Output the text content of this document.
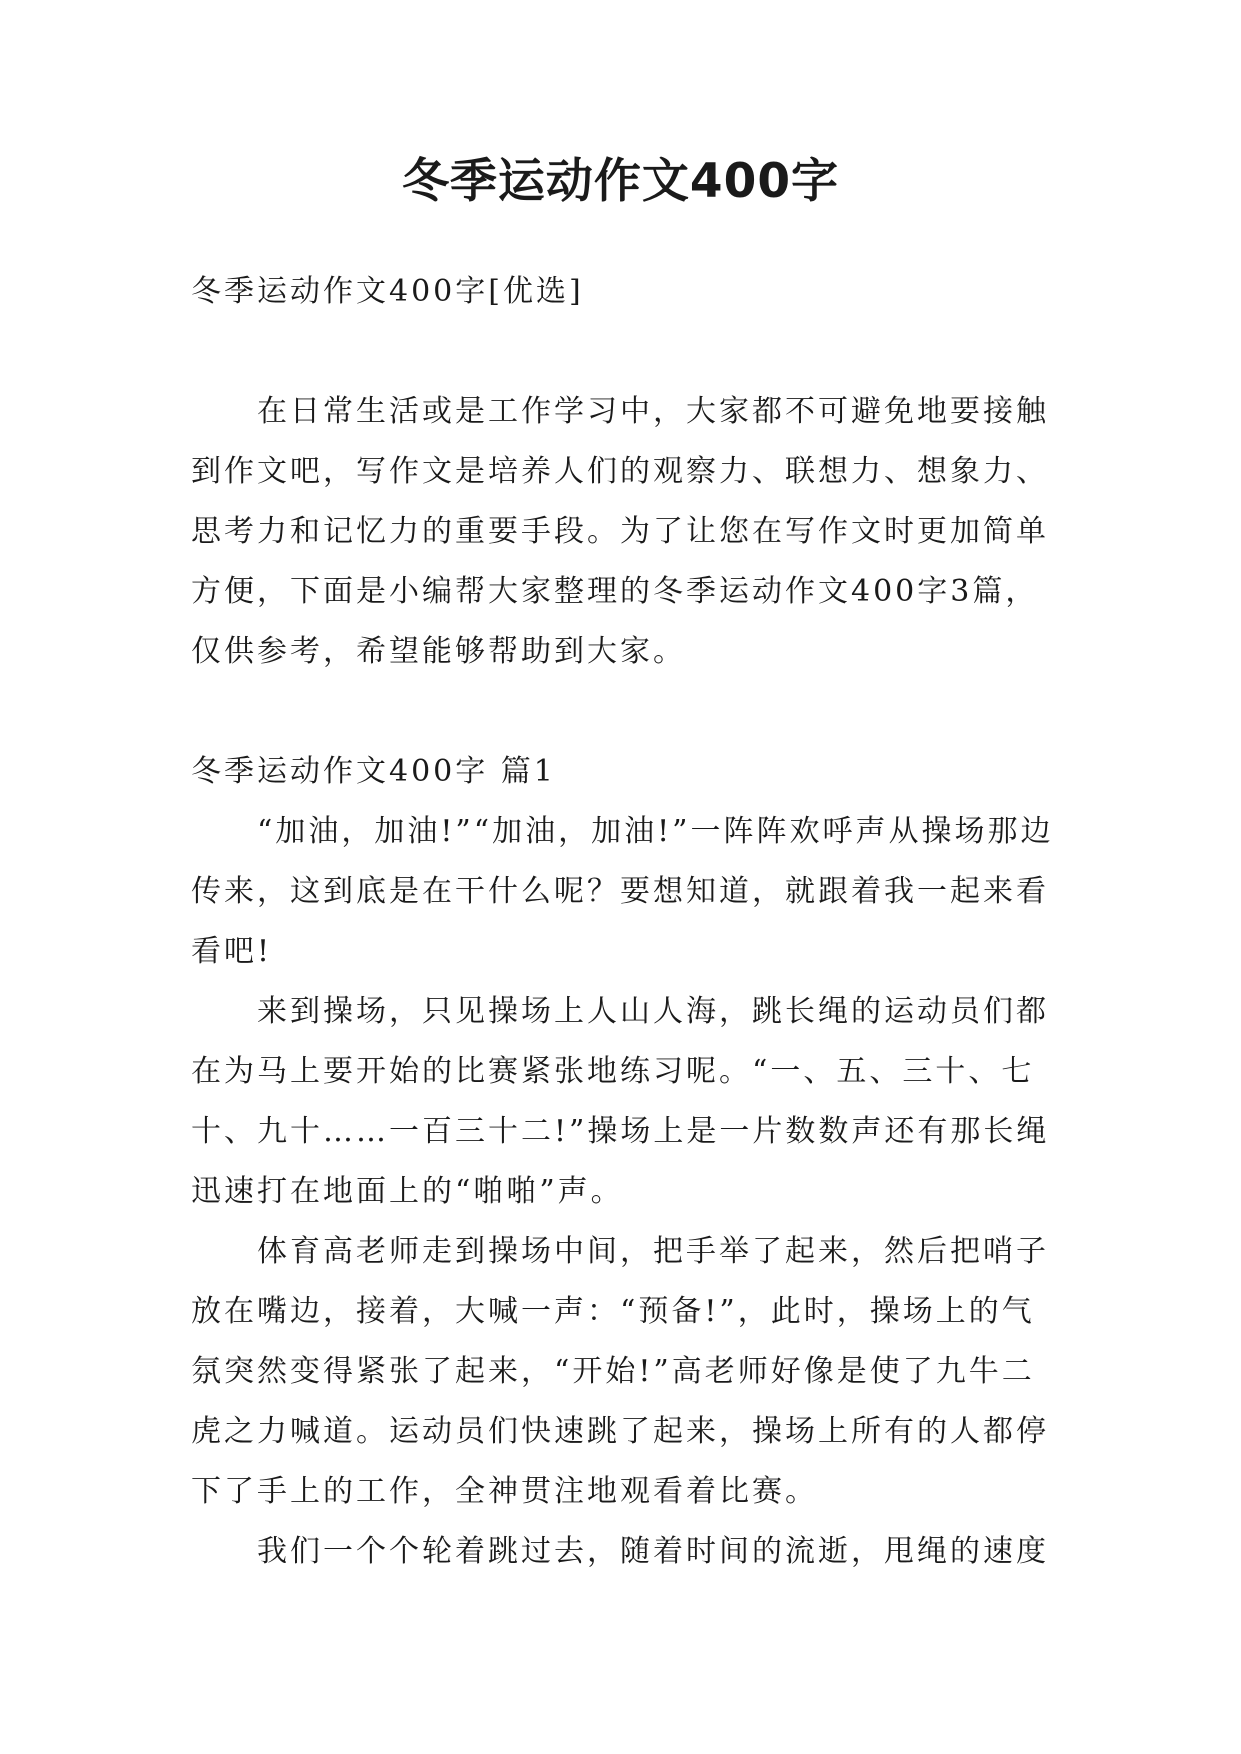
冬季运动作文400字

冬季运动作文400字[优选]

在日常生活或是工作学习中，大家都不可避免地要接触到作文吧，写作文是培养人们的观察力、联想力、想象力、思考力和记忆力的重要手段。为了让您在写作文时更加简单方便，下面是小编帮大家整理的冬季运动作文400字3篇，仅供参考，希望能够帮助到大家。

冬季运动作文400字 篇1

“加油，加油!”“加油，加油!”一阵阵欢呼声从操场那边传来，这到底是在干什么呢？要想知道，就跟着我一起来看看吧!

来到操场，只见操场上人山人海，跳长绳的运动员们都在为马上要开始的比赛紧张地练习呢。“一、五、三十、七十、九十……一百三十二!”操场上是一片数数声还有那长绳迅速打在地面上的“啪啪”声。

体育高老师走到操场中间，把手举了起来，然后把哨子放在嘴边，接着，大喊一声：“预备!”，此时，操场上的气氛突然变得紧张了起来，“开始!”高老师好像是使了九牛二虎之力喊道。运动员们快速跳了起来，操场上所有的人都停下了手上的工作，全神贯注地观看着比赛。

我们一个个轮着跳过去，随着时间的流逝，甩绳的速度
